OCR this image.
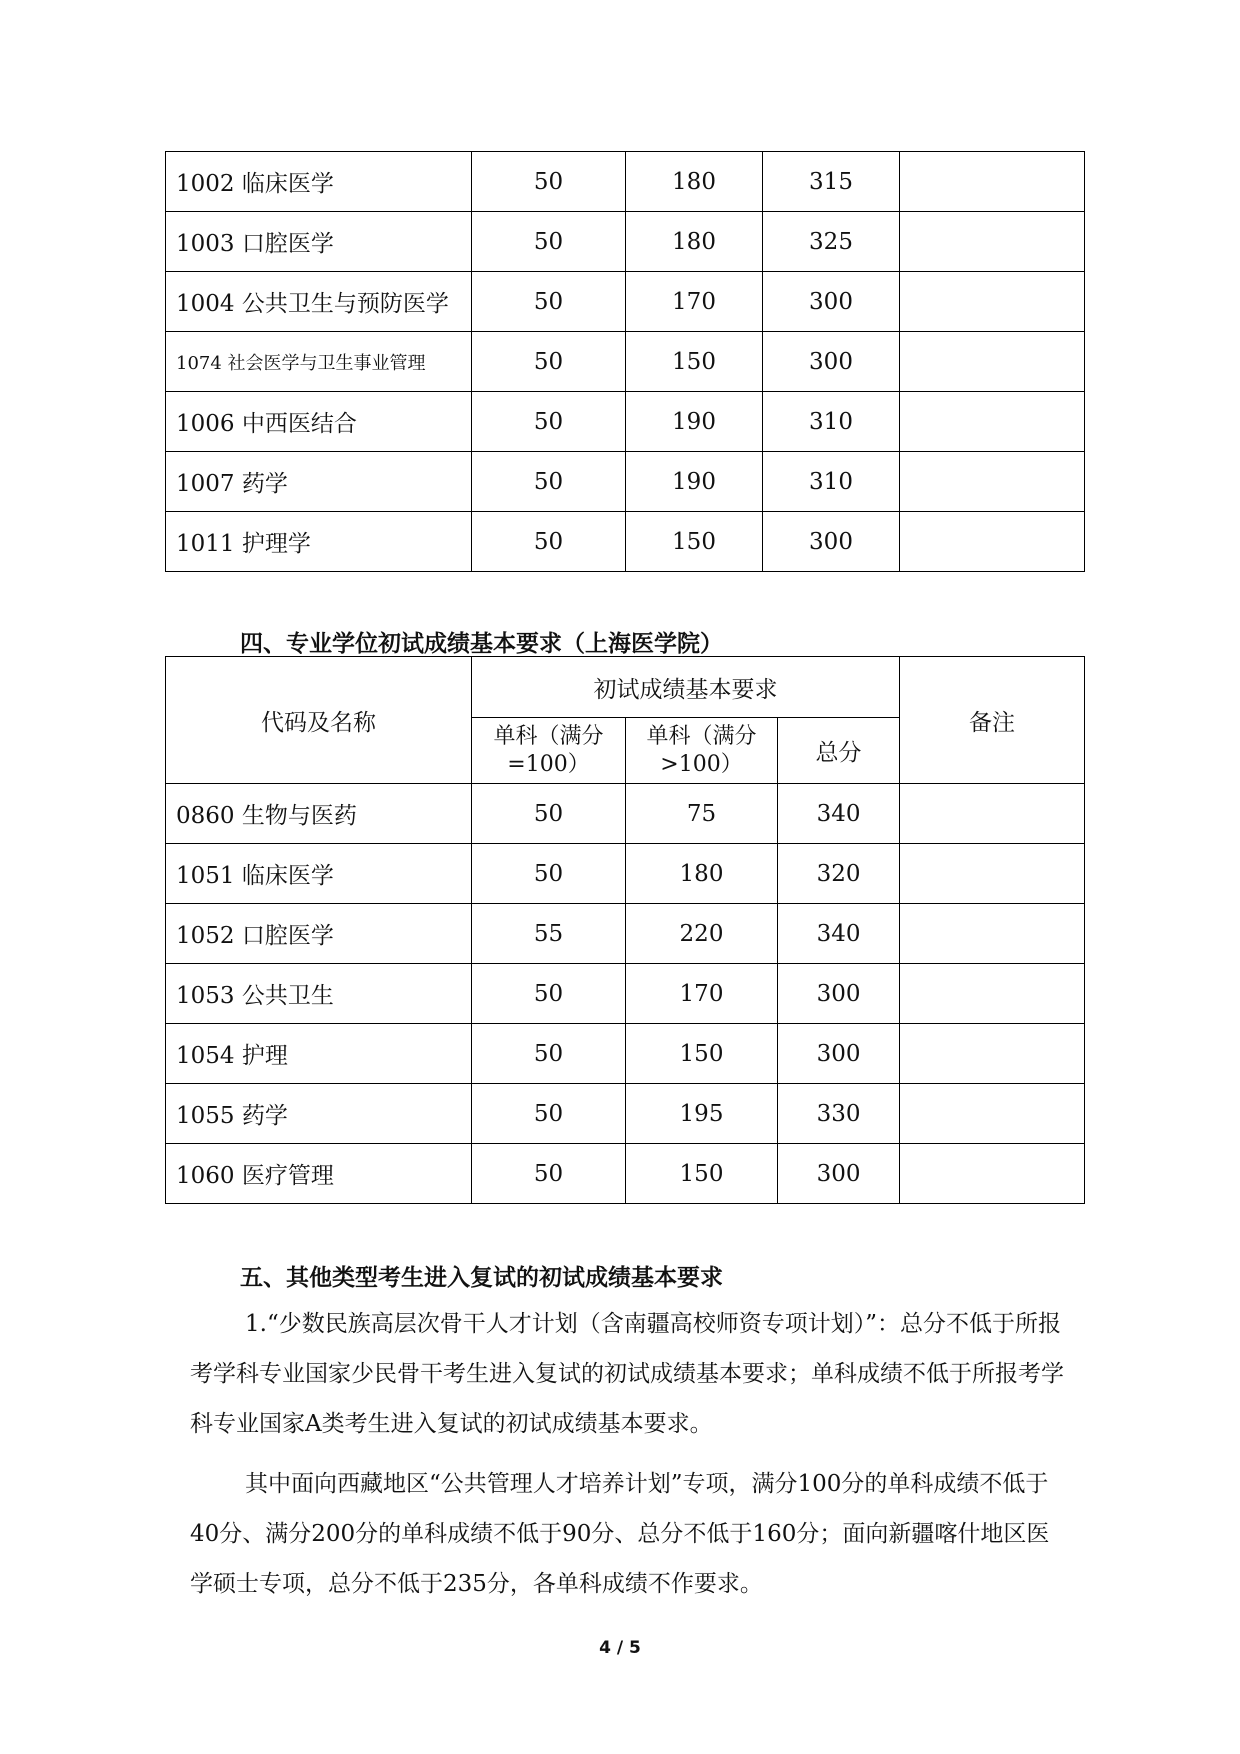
1002 临床医学	50	180	315	
1003 口腔医学	50	180	325	
1004 公共卫生与预防医学	50	170	300	
1074 社会医学与卫生事业管理	50	150	300	
1006 中西医结合	50	190	310	
1007 药学	50	190	310	
1011 护理学	50	150	300	
四、专业学位初试成绩基本要求（上海医学院）
代码及名称	初试成绩基本要求			备注
	单科（满分=100）	单科（满分>100）	总分	
0860 生物与医药	50	75	340	
1051 临床医学	50	180	320	
1052 口腔医学	55	220	340	
1053 公共卫生	50	170	300	
1054 护理	50	150	300	
1055 药学	50	195	330	
1060 医疗管理	50	150	300	
五、其他类型考生进入复试的初试成绩基本要求

1.“少数民族高层次骨干人才计划（含南疆高校师资专项计划）”：总分不低于所报考学科专业国家少民骨干考生进入复试的初试成绩基本要求；单科成绩不低于所报考学科专业国家A类考生进入复试的初试成绩基本要求。

其中面向西藏地区“公共管理人才培养计划”专项，满分100分的单科成绩不低于40分、满分200分的单科成绩不低于90分、总分不低于160分；面向新疆喀什地区医学硕士专项，总分不低于235分，各单科成绩不作要求。

4 / 5
